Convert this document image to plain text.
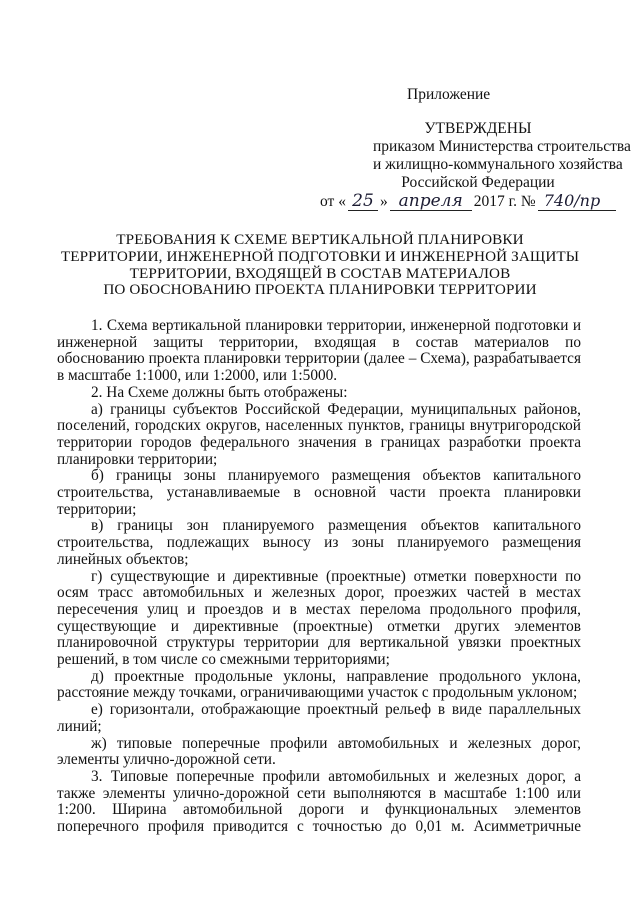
Приложение
УТВЕРЖДЕНЫ
приказом Министерства строительства
и жилищно-коммунального хозяйства
Российской Федерации
от « 25 » апреля 2017 г. № 740/пр
ТРЕБОВАНИЯ К СХЕМЕ ВЕРТИКАЛЬНОЙ ПЛАНИРОВКИ
ТЕРРИТОРИИ, ИНЖЕНЕРНОЙ ПОДГОТОВКИ И ИНЖЕНЕРНОЙ ЗАЩИТЫ
ТЕРРИТОРИИ, ВХОДЯЩЕЙ В СОСТАВ МАТЕРИАЛОВ
ПО ОБОСНОВАНИЮ ПРОЕКТА ПЛАНИРОВКИ ТЕРРИТОРИИ

1. Схема вертикальной планировки территории, инженерной подготовки и инженерной защиты территории, входящая в состав материалов по обоснованию проекта планировки территории (далее – Схема), разрабатывается в масштабе 1:1000, или 1:2000, или 1:5000.

2. На Схеме должны быть отображены:

а) границы субъектов Российской Федерации, муниципальных районов, поселений, городских округов, населенных пунктов, границы внутригородской территории городов федерального значения в границах разработки проекта планировки территории;

б) границы зоны планируемого размещения объектов капитального строительства, устанавливаемые в основной части проекта планировки территории;

в) границы зон планируемого размещения объектов капитального строительства, подлежащих выносу из зоны планируемого размещения линейных объектов;

г) существующие и директивные (проектные) отметки поверхности по осям трасс автомобильных и железных дорог, проезжих частей в местах пересечения улиц и проездов и в местах перелома продольного профиля, существующие и директивные (проектные) отметки других элементов планировочной структуры территории для вертикальной увязки проектных решений, в том числе со смежными территориями;

д) проектные продольные уклоны, направление продольного уклона, расстояние между точками, ограничивающими участок с продольным уклоном;

е) горизонтали, отображающие проектный рельеф в виде параллельных линий;

ж) типовые поперечные профили автомобильных и железных дорог, элементы улично-дорожной сети.

3. Типовые поперечные профили автомобильных и железных дорог, а также элементы улично-дорожной сети выполняются в масштабе 1:100 или 1:200. Ширина автомобильной дороги и функциональных элементов поперечного профиля приводится с точностью до 0,01 м. Асимметричные
